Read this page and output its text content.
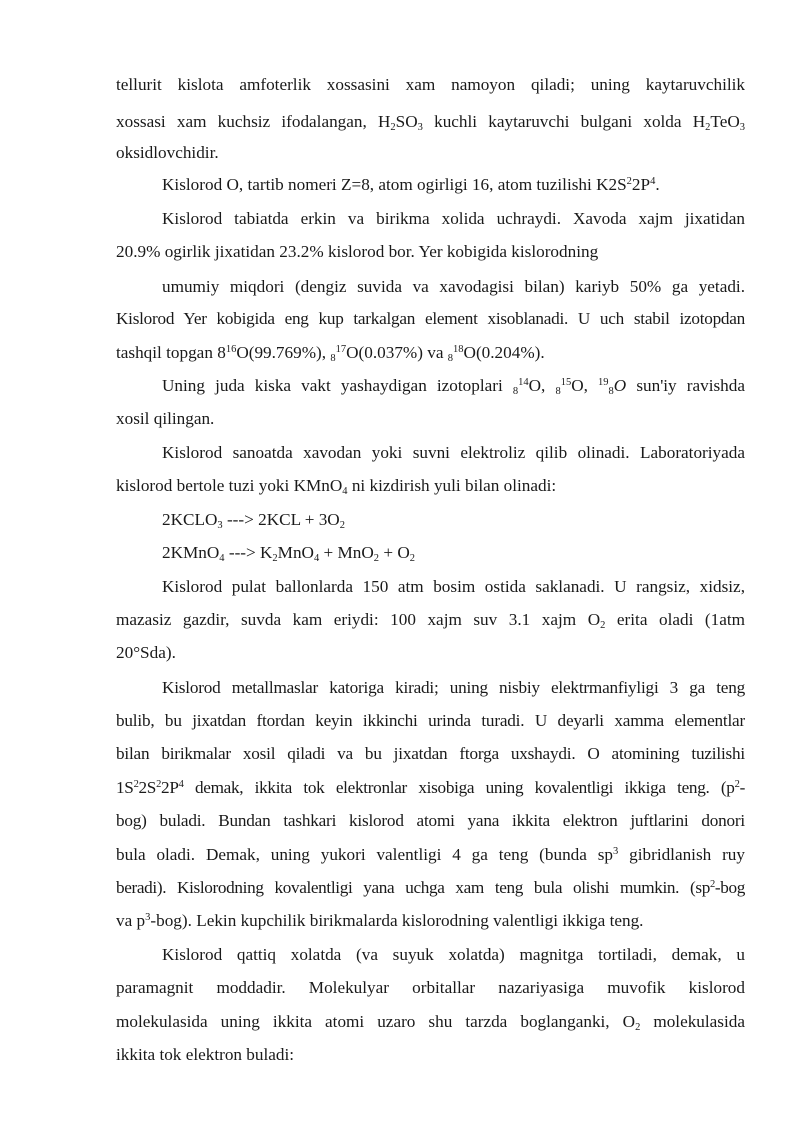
tellurit kislota amfoterlik xossasini xam namoyon qiladi; uning kaytaruvchilik
xossasi xam kuchsiz ifodalangan, $H_2SO_3$ kuchli kaytaruvchi bulgani xolda $H_2TeO_3$
oksidlovchidir.
Kislorod O, tartib nomeri Z=8, atom ogirligi 16, atom tuzilishi $K2S^22P^4$.
Kislorod tabiatda erkin va birikma xolida uchraydi. Xavoda xajm jixatidan
20.9% ogirlik jixatidan 23.2% kislorod bor. Yer kobigida kislorodning
umumiy miqdori (dengiz suvida va xavodagisi bilan) kariyb 50% ga yetadi.
Kislorod Yer kobigida eng kup tarkalgan element xisoblanadi. U uch stabil izotopdan
tashqil topgan $8^{16}O(99.769\%)$, $_8^{17}$O(0.037%) va $_8^{18}$O(0.204%).
Uning juda kiska vakt yashaydigan izotoplari $_8^{14}$O, $_8^{15}$O, $^{19}_8$O sun'iy ravishda
xosil qilingan.
Kislorod sanoatda xavodan yoki suvni elektroliz qilib olinadi. Laboratoriyada
kislorod bertole tuzi yoki KMnO$_4$ ni kizdirish yuli bilan olinadi:
$2KCLO_3$ ---> $2KCL + 3O_2$
2KMnO$_4$ ---> $K_2MnO_4 + MnO_2 + O_2$
Kislorod pulat ballonlarda 150 atm bosim ostida saklanadi. U rangsiz, xidsiz,
mazasiz gazdir, suvda kam eriydi: 100 xajm suv 3.1 xajm $O_2$ erita oladi (1atm
20°Sda).
Kislorod metallmaslar katoriga kiradi; uning nisbiy elektrmanfiyligi 3 ga teng
bulib, bu jixatdan ftordan keyin ikkinchi urinda turadi. U deyarli xamma elementlar
bilan birikmalar xosil qiladi va bu jixatdan ftorga uxshaydi. O atomining tuzilishi
$1S^22S^22P^4$ demak, ikkita tok elektronlar xisobiga uning kovalentligi ikkiga teng. ($p^2-$
bog) buladi. Bundan tashkari kislorod atomi yana ikkita elektron juftlarini donori
bula oladi. Demak, uning yukori valentligi 4 ga teng (bunda $sp^3$ gibridlanish ruy
beradi). Kislorodning kovalentligi yana uchga xam teng bula olishi mumkin. ($sp^2$-bog
va $p^3-bog$). Lekin kupchilik birikmalarda kislorodning valentligi ikkiga teng.
Kislorod qattiq xolatda (va suyuk xolatda) magnitga tortiladi, demak, u
paramagnit moddadir. Molekulyar orbitallar nazariyasiga muvofik kislorod
molekulasida uning ikkita atomi uzaro shu tarzda boglanganki, $O_2$ molekulasida
ikkita tok elektron buladi:
